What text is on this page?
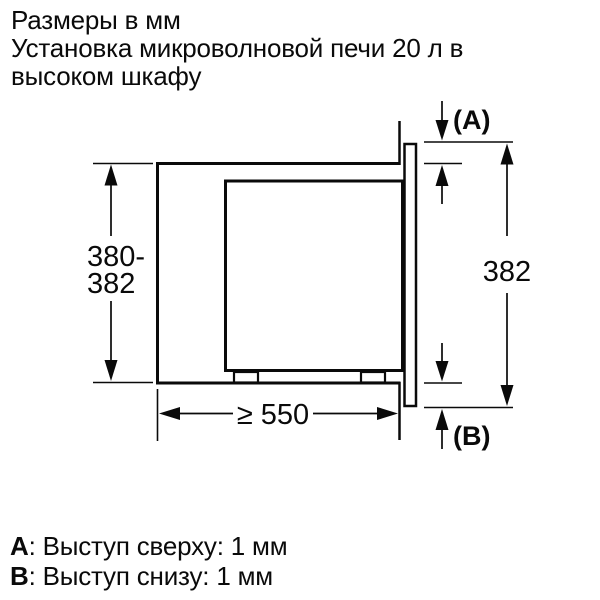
Размеры в мм
Установка микроволновой печи 20 л в
высоком шкафу
380-
382	382
(A)
(B)
≥ 550
A: Выступ сверху: 1 мм
B: Выступ снизу: 1 мм
